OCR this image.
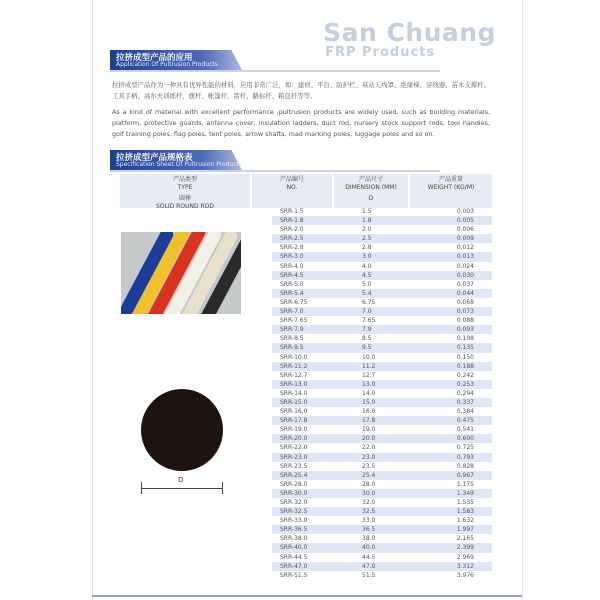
San Chuang
FRP Products
拉挤成型产品的应用
Application Of Pultrusion Products
拉挤成型产品作为一种具有优异性能的材料，应用非常广泛，如：建材、平台、防护栏、基站天线罩、绝缘梯、穿线器、苗木支撑杆、工具手柄、高尔夫训练杆、旗杆、帐篷杆、箭杆、路标杆、箱包杆等等。
As a kind of material with excellent performance ,pultrusion products are widely used, such as building materials, platform, protective guards, antenna cover, insulation ladders, duct rod, nursery stock support rods, tool handles, golf training poles, flag poles, tent poles, arrow shafts, road marking poles, luggage poles and so on.
拉挤成型产品规格表
Specification Sheet Of Pultrusion Products
产品类型
TYPE
圆棒
SOLID ROUND ROD
产品编号
NO.
产品尺寸
DIMENSION (MM)
D
产品重量
WEIGHT (KG/M)
SRR-1.5	1.5	0.003
SRR-1.8	1.8	0.005
SRR-2.0	2.0	0.006
SRR-2.5	2.5	0.009
SRR-2.8	2.8	0.012
SRR-3.0	3.0	0.013
SRR-4.0	4.0	0.024
SRR-4.5	4.5	0.030
SRR-5.0	5.0	0.037
SRR-5.4	5.4	0.044
SRR-6.75	6.75	0.068
SRR-7.0	7.0	0.073
SRR-7.65	7.65	0.088
SRR-7.9	7.9	0.093
SRR-8.5	8.5	0.108
SRR-9.5	9.5	0.135
SRR-10.0	10.0	0.150
SRR-11.2	11.2	0.188
SRR-12.7	12.7	0.242
SRR-13.0	13.0	0.253
SRR-14.0	14.0	0.294
SRR-15.0	15.0	0.337
SRR-16.0	16.0	0.384
SRR-17.8	17.8	0.475
SRR-19.0	19.0	0.541
SRR-20.0	20.0	0.600
SRR-22.0	22.0	0.725
SRR-23.0	23.0	0.793
SRR-23.5	23.5	0.828
SRR-25.4	25.4	0.967
SRR-28.0	28.0	1.175
SRR-30.0	30.0	1.349
SRR-32.0	32.0	1.535
SRR-32.5	32.5	1.583
SRR-33.0	33.0	1.632
SRR-36.5	36.5	1.997
SRR-38.0	38.0	2.165
SRR-40.0	40.0	2.399
SRR-44.5	44.5	2.969
SRR-47.0	47.0	3.312
SRR-51.5	51.5	3.976
D
